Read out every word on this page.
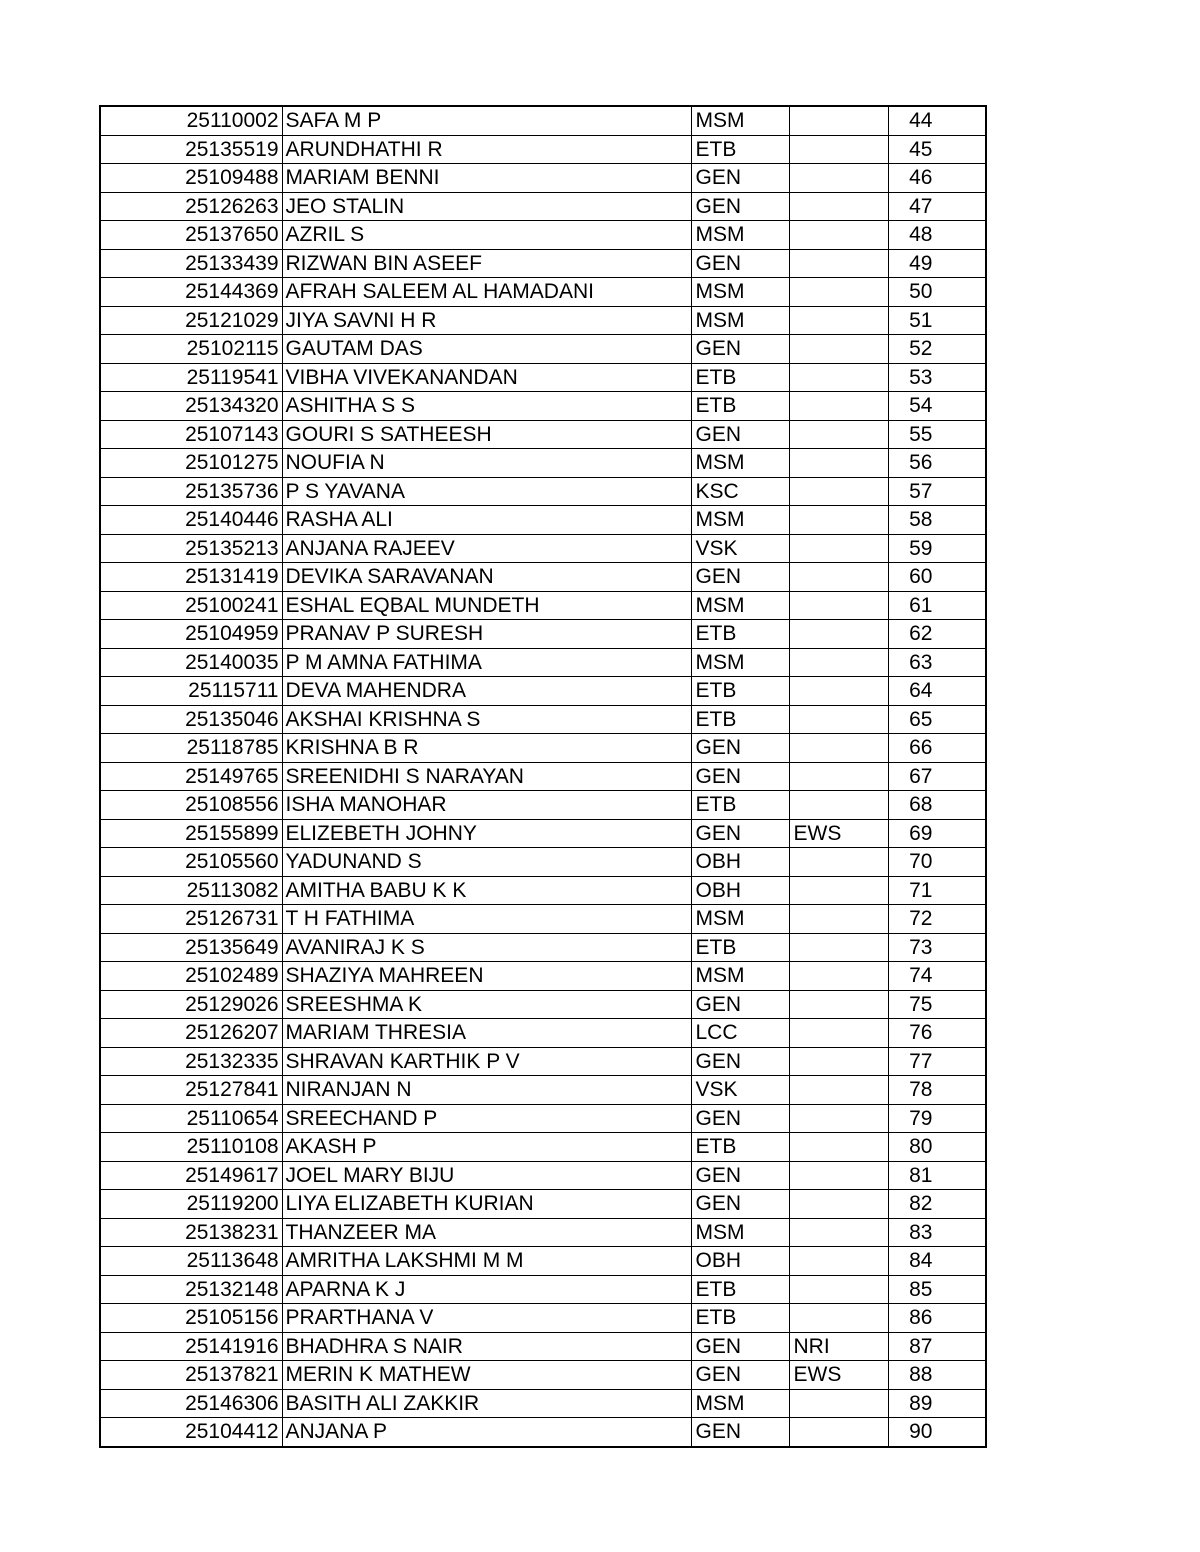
25110002	SAFA M P	MSM		44
25135519	ARUNDHATHI R	ETB		45
25109488	MARIAM BENNI	GEN		46
25126263	JEO STALIN	GEN		47
25137650	AZRIL S	MSM		48
25133439	RIZWAN BIN ASEEF	GEN		49
25144369	AFRAH SALEEM AL HAMADANI	MSM		50
25121029	JIYA SAVNI H R	MSM		51
25102115	GAUTAM DAS	GEN		52
25119541	VIBHA VIVEKANANDAN	ETB		53
25134320	ASHITHA S S	ETB		54
25107143	GOURI S SATHEESH	GEN		55
25101275	NOUFIA N	MSM		56
25135736	P S YAVANA	KSC		57
25140446	RASHA ALI	MSM		58
25135213	ANJANA RAJEEV	VSK		59
25131419	DEVIKA SARAVANAN	GEN		60
25100241	ESHAL EQBAL MUNDETH	MSM		61
25104959	PRANAV P SURESH	ETB		62
25140035	P M AMNA FATHIMA	MSM		63
25115711	DEVA MAHENDRA	ETB		64
25135046	AKSHAI KRISHNA S	ETB		65
25118785	KRISHNA B R	GEN		66
25149765	SREENIDHI S NARAYAN	GEN		67
25108556	ISHA MANOHAR	ETB		68
25155899	ELIZEBETH JOHNY	GEN	EWS	69
25105560	YADUNAND S	OBH		70
25113082	AMITHA BABU K K	OBH		71
25126731	T H FATHIMA	MSM		72
25135649	AVANIRAJ K S	ETB		73
25102489	SHAZIYA MAHREEN	MSM		74
25129026	SREESHMA K	GEN		75
25126207	MARIAM THRESIA	LCC		76
25132335	SHRAVAN KARTHIK P V	GEN		77
25127841	NIRANJAN N	VSK		78
25110654	SREECHAND P	GEN		79
25110108	AKASH P	ETB		80
25149617	JOEL MARY BIJU	GEN		81
25119200	LIYA ELIZABETH KURIAN	GEN		82
25138231	THANZEER MA	MSM		83
25113648	AMRITHA LAKSHMI M M	OBH		84
25132148	APARNA K J	ETB		85
25105156	PRARTHANA V	ETB		86
25141916	BHADHRA S NAIR	GEN	NRI	87
25137821	MERIN K MATHEW	GEN	EWS	88
25146306	BASITH ALI ZAKKIR	MSM		89
25104412	ANJANA P	GEN		90
